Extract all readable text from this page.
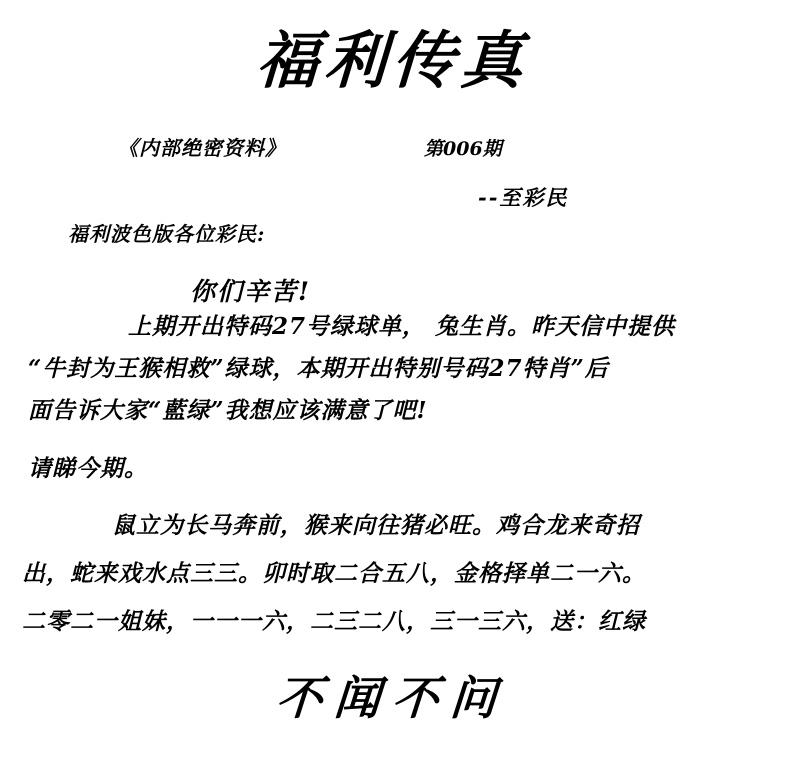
福利传真
《内部绝密资料》	第006期
--至彩民
福利波色版各位彩民:
你们辛苦!
上期开出特码27号绿球单， 兔生肖。昨天信中提供
“牛封为王猴相救”绿球，本期开出特别号码27特肖”后
面告诉大家“藍绿”我想应该满意了吧!
请睇今期。
鼠立为长马奔前，猴来向往猪必旺。鸡合龙来奇招
出，蛇来戏水点三三。卯时取二合五八，金格择单二一六。
二零二一姐妹，一一一六，二三二八，三一三六，送：红绿
不闻不问
